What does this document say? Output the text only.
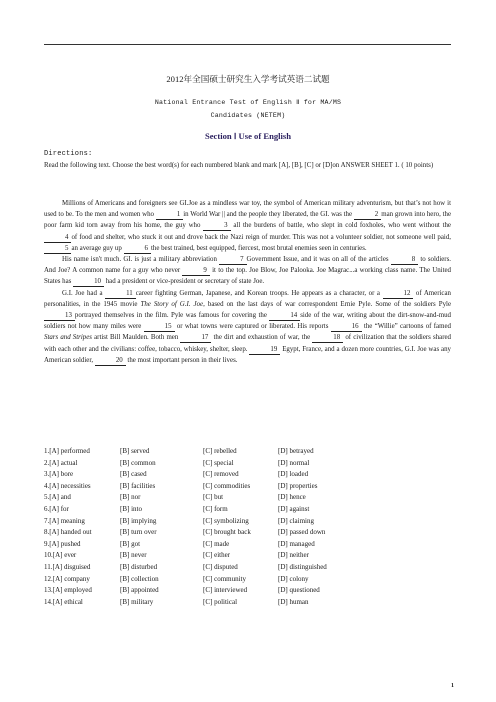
2012年全国硕士研究生入学考试英语二试题
National Entrance Test of English Ⅱ for MA/MS
Candidates (NETEM)
Section Ⅰ Use of English

Directions:

Read the following text. Choose the best word(s) for each numbered blank and mark [A], [B], [C] or [D]on ANSWER SHEET 1. ( 10 points)

Millions of Americans and foreigners see GI.Joe as a mindless war toy, the symbol of American military adventurism, but that’s not how it used to be. To the men and women who	1 in World War || and the people they liberated, the GI. was the	2 man grown into hero, the poor farm kid torn away from his home, the guy who	3 all the burdens of battle, who slept in cold foxholes, who went without the 4 of food and shelter, who stuck it out and drove back the Nazi reign of murder. This was not a volunteer soldier, not someone well paid, 5 an average guy up	6 the best trained, best equipped, fiercest, most brutal enemies seen in centuries.

His name isn't much. GI. is just a military abbreviation	7 Government Issue, and it was on all of the articles	8 to soldiers. And Joe? A common name for a guy who never	9 it to the top. Joe Blow, Joe Palooka. Joe Magrac...a working class name. The United States has	10 had a president or vice-president or secretary of state Joe.

G.I. Joe had a	11 career fighting German, Japanese, and Korean troops. He appears as a character, or a	12 of American personalities, in the 1945 movie The Story of G.I. Joe, based on the last days of war correspondent Ernie Pyle. Some of the soldiers Pyle 13 portrayed themselves in the film. Pyle was famous for covering the	14 side of the war, writing about the dirt-snow-and-mud soldiers not how many miles were	15 or what towns were captured or liberated. His reports	16 the “Willie” cartoons of famed Stars and Stripes artist Bill Maulden. Both men	17 the dirt and exhaustion of war, the	18 of civilization that the soldiers shared with each other and the civilians: coffee, tobacco, whiskey, shelter, sleep.	19 Egypt, France, and a dozen more countries, G.I. Joe was any American soldier,	20 the most important person in their lives.

1.[A] performed	[B] served	[C] rebelled	[D] betrayed
2.[A] actual	[B] common	[C] special	[D] normal
3.[A] bore	[B] cased	[C] removed	[D] loaded
4.[A] necessities	[B] facilities	[C] commodities	[D] properties
5.[A] and	[B] nor	[C] but	[D] hence
6.[A] for	[B] into	[C] form	[D] against
7.[A] meaning	[B] implying	[C] symbolizing	[D] claiming
8.[A] handed out	[B] turn over	[C] brought back	[D] passed down
9.[A] pushed	[B] got	[C] made	[D] managed
10.[A] ever	[B] never	[C] either	[D] neither
11.[A] disguised	[B] disturbed	[C] disputed	[D] distinguished
12.[A] company	[B] collection	[C] community	[D] colony
13.[A] employed	[B] appointed	[C] interviewed	[D] questioned
14.[A] ethical	[B] military	[C] political	[D] human
1
